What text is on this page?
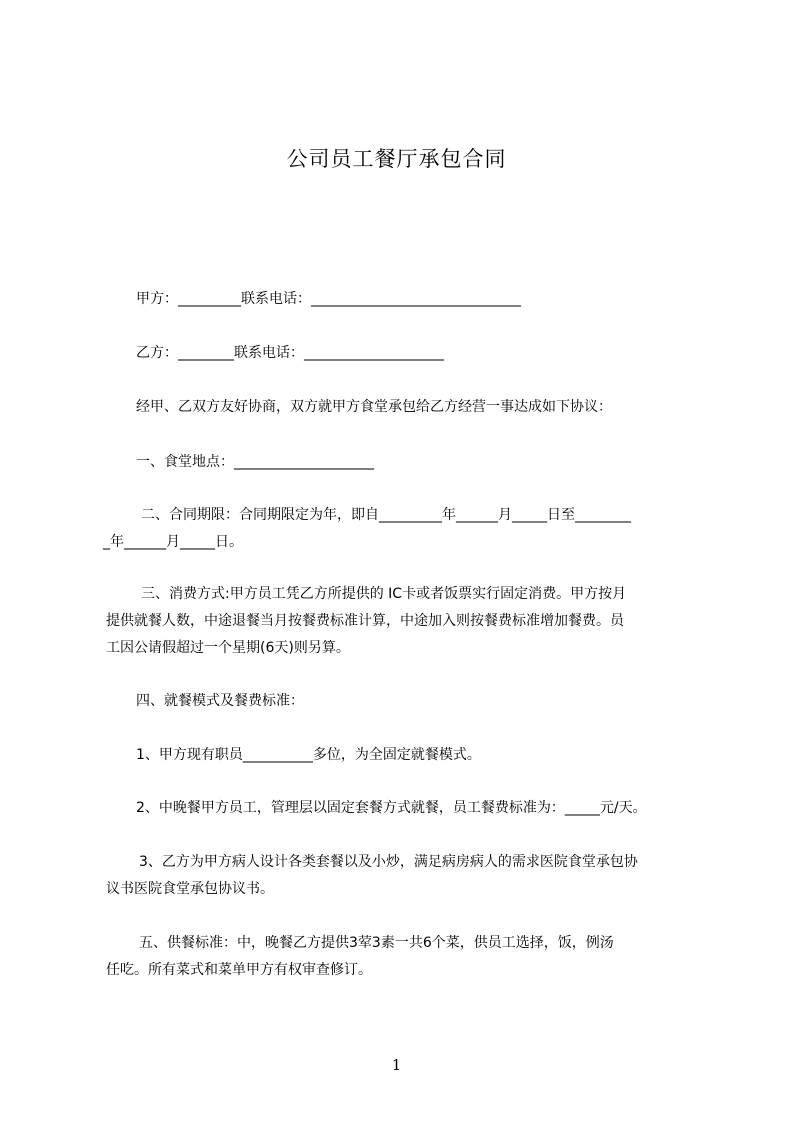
公司员工餐厅承包合同

甲方：_________联系电话：______________________________

乙方：________联系电话：____________________

经甲、乙双方友好协商，双方就甲方食堂承包给乙方经营一事达成如下协议：

一、食堂地点：____________________

二、合同期限：合同期限定为年，即自_________年______月_____日至________

_年______月_____日。

三、消费方式:甲方员工凭乙方所提供的 IC卡或者饭票实行固定消费。甲方按月

提供就餐人数，中途退餐当月按餐费标准计算，中途加入则按餐费标准增加餐费。员

工因公请假超过一个星期(6天)则另算。

四、就餐模式及餐费标准：

1、甲方现有职员__________多位，为全固定就餐模式。

2、中晚餐甲方员工，管理层以固定套餐方式就餐，员工餐费标准为：_____元/天。

3、乙方为甲方病人设计各类套餐以及小炒，满足病房病人的需求医院食堂承包协

议书医院食堂承包协议书。

五、供餐标准：中，晚餐乙方提供3荤3素一共6个菜，供员工选择，饭，例汤

任吃。所有菜式和菜单甲方有权审查修订。

1
